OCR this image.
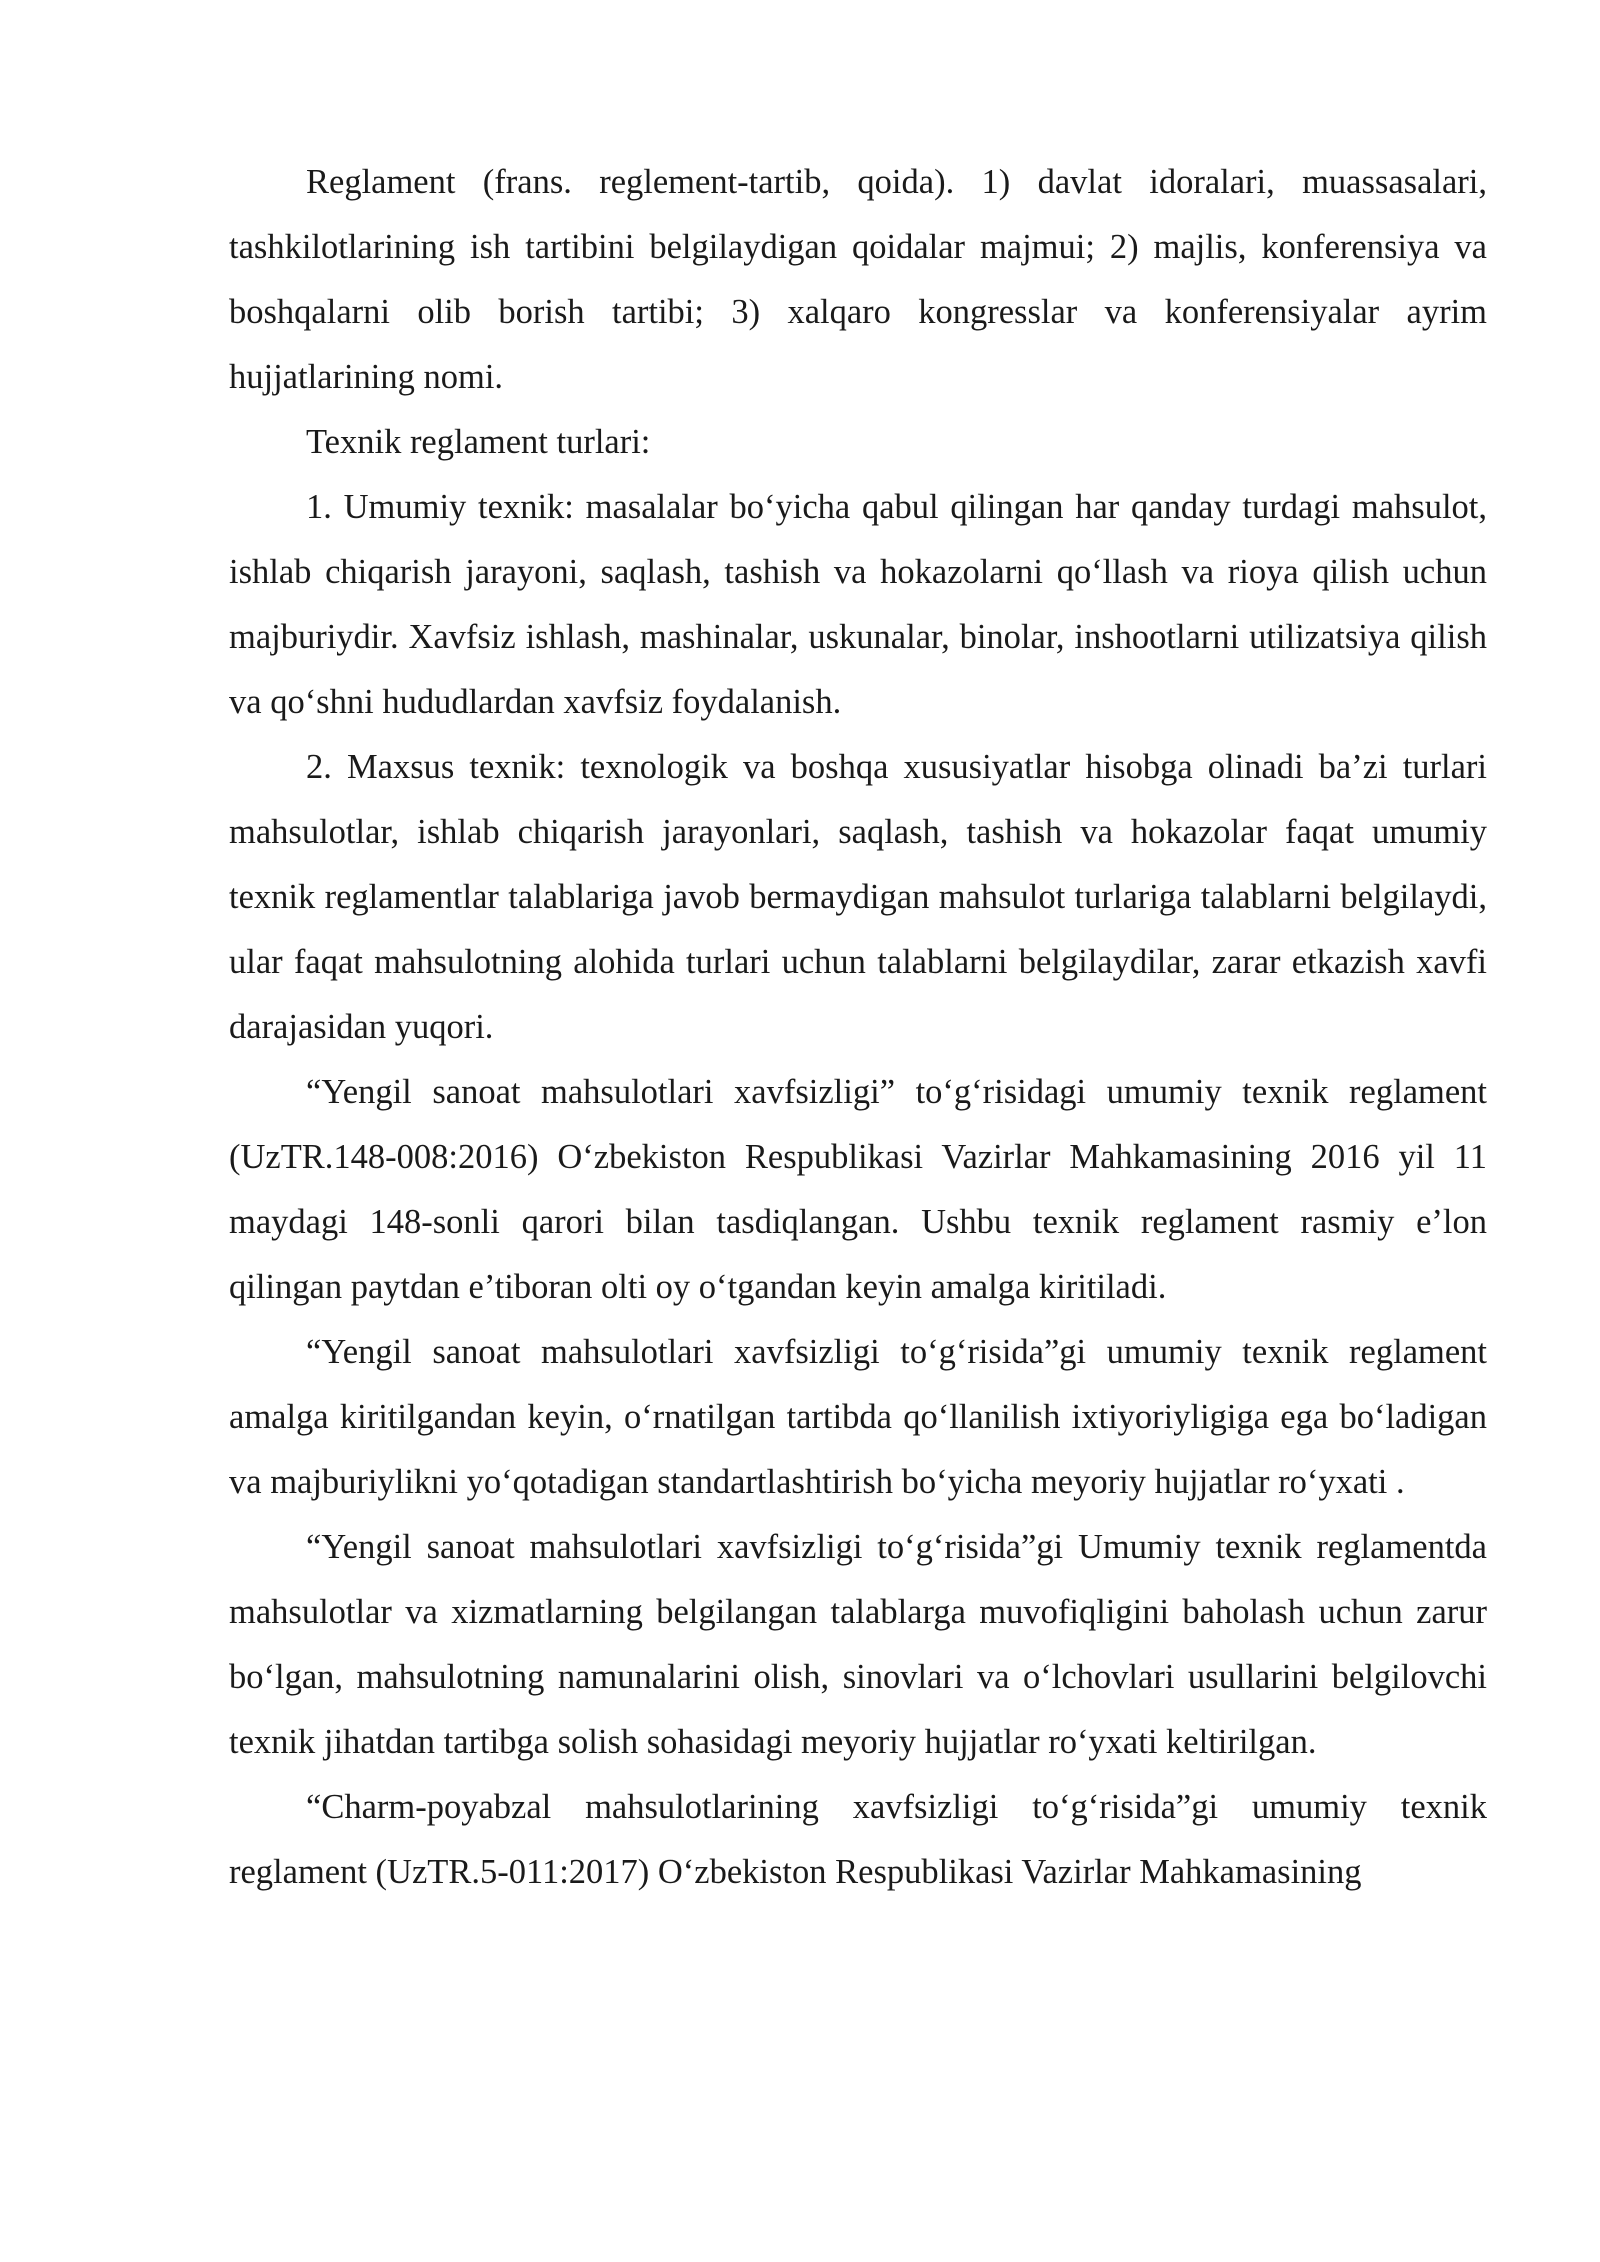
Reglament (frans. reglement-tartib, qoida). 1) davlat idoralari, muassasalari, tashkilotlarining ish tartibini belgilaydigan qoidalar majmui; 2) majlis, konferensiya va boshqalarni olib borish tartibi; 3) xalqaro kongresslar va konferensiyalar ayrim hujjatlarining nomi.

Texnik reglament turlari:

1. Umumiy texnik: masalalar bo‘yicha qabul qilingan har qanday turdagi mahsulot, ishlab chiqarish jarayoni, saqlash, tashish va hokazolarni qo‘llash va rioya qilish uchun majburiydir. Xavfsiz ishlash, mashinalar, uskunalar, binolar, inshootlarni utilizatsiya qilish va qo‘shni hududlardan xavfsiz foydalanish.

2. Maxsus texnik: texnologik va boshqa xususiyatlar hisobga olinadi ba’zi turlari mahsulotlar, ishlab chiqarish jarayonlari, saqlash, tashish va hokazolar faqat umumiy texnik reglamentlar talablariga javob bermaydigan mahsulot turlariga talablarni belgilaydi, ular faqat mahsulotning alohida turlari uchun talablarni belgilaydilar, zarar etkazish xavfi darajasidan yuqori.

“Yengil sanoat mahsulotlari xavfsizligi” to‘g‘risidagi umumiy texnik reglament (UzTR.148-008:2016) O‘zbekiston Respublikasi Vazirlar Mahkamasining 2016 yil 11 maydagi 148-sonli qarori bilan tasdiqlangan. Ushbu texnik reglament rasmiy e’lon qilingan paytdan e’tiboran olti oy o‘tgandan keyin amalga kiritiladi.

“Yengil sanoat mahsulotlari xavfsizligi to‘g‘risida”gi umumiy texnik reglament amalga kiritilgandan keyin, o‘rnatilgan tartibda qo‘llanilish ixtiyoriyligiga ega bo‘ladigan va majburiylikni yo‘qotadigan standartlashtirish bo‘yicha meyoriy hujjatlar ro‘yxati .

“Yengil sanoat mahsulotlari xavfsizligi to‘g‘risida”gi Umumiy texnik reglamentda mahsulotlar va xizmatlarning belgilangan talablarga muvofiqligini baholash uchun zarur bo‘lgan, mahsulotning namunalarini olish, sinovlari va o‘lchovlari usullarini belgilovchi texnik jihatdan tartibga solish sohasidagi meyoriy hujjatlar ro‘yxati keltirilgan.

“Charm-poyabzal mahsulotlarining xavfsizligi to‘g‘risida”gi umumiy texnik reglament (UzTR.5-011:2017) O‘zbekiston Respublikasi Vazirlar Mahkamasining
